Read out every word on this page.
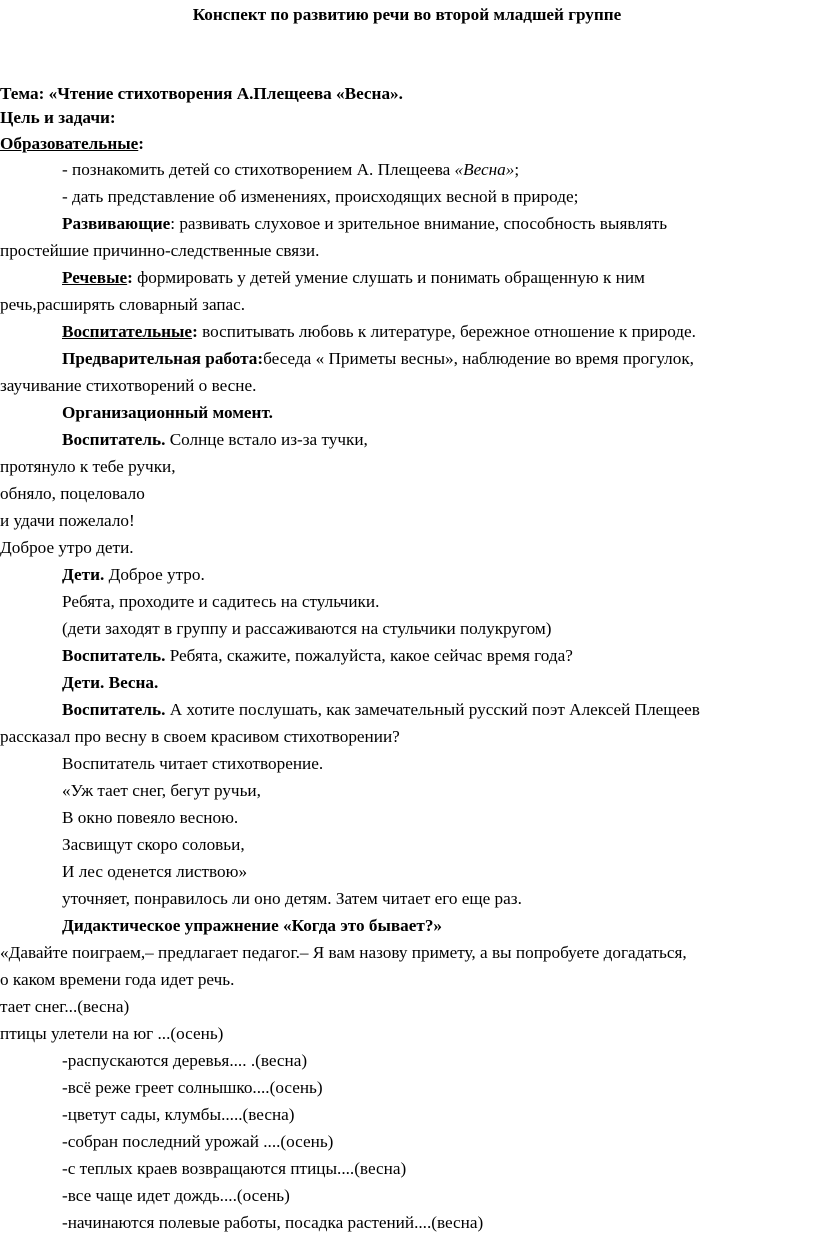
Конспект по развитию речи во второй младшей группе
Тема: «Чтение стихотворения А.Плещеева «Весна».
Цель и задачи:
Образовательные:
- познакомить детей со стихотворением А. Плещеева «Весна»;
- дать представление об изменениях, происходящих весной в природе;
Развивающие: развивать слуховое и зрительное внимание, способность выявлять
простейшие причинно-следственные связи.
Речевые: формировать у детей умение слушать и понимать обращенную к ним
речь,расширять словарный запас.
Воспитательные: воспитывать любовь к литературе, бережное отношение к природе.
Предварительная работа:беседа « Приметы весны», наблюдение во время прогулок,
заучивание стихотворений о весне.
Организационный момент.
Воспитатель. Солнце встало из-за тучки,
протянуло к тебе ручки,
обняло, поцеловало
и удачи пожелало!
Доброе утро дети.
Дети. Доброе утро.
Ребята, проходите и садитесь на стульчики.
(дети заходят в группу и рассаживаются на стульчики полукругом)
Воспитатель. Ребята, скажите, пожалуйста, какое сейчас время года?
Дети. Весна.
Воспитатель. А хотите послушать, как замечательный русский поэт Алексей Плещеев
рассказал про весну в своем красивом стихотворении?
Воспитатель читает стихотворение.
«Уж тает снег, бегут ручьи,
В окно повеяло весною.
Засвищут скоро соловьи,
И лес оденется листвою»
уточняет, понравилось ли оно детям. Затем читает его еще раз.
Дидактическое упражнение «Когда это бывает?»
«Давайте поиграем,– предлагает педагог.– Я вам назову примету, а вы попробуете догадаться,
о каком времени года идет речь.
тает снег...(весна)
птицы улетели на юг ...(осень)
-распускаются деревья.... .(весна)
-всё реже греет солнышко....(осень)
-цветут сады, клумбы.....(весна)
-собран последний урожай ....(осень)
-с теплых краев возвращаются птицы....(весна)
-все чаще идет дождь....(осень)
-начинаются полевые работы, посадка растений....(весна)
